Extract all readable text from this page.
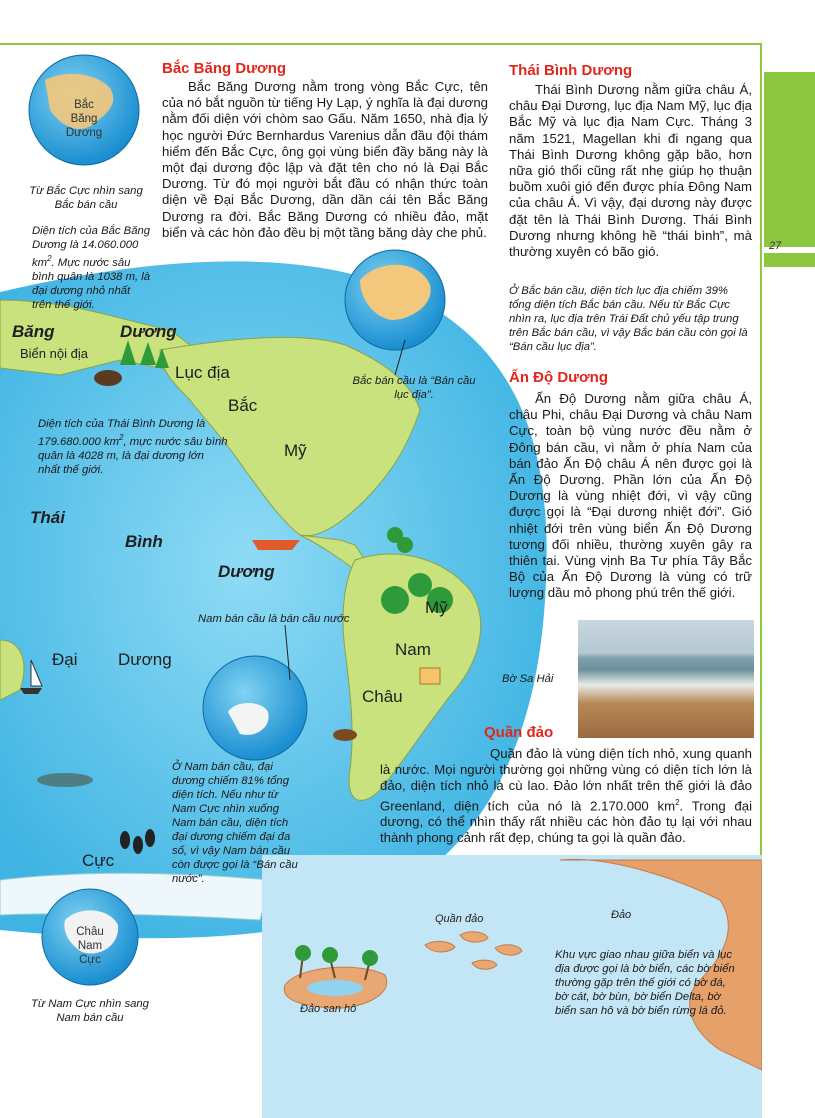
27
Bắc Băng Dương

Bắc Băng Dương nằm trong vòng Bắc Cực, tên của nó bắt nguồn từ tiếng Hy Lạp, ý nghĩa là đại dương nằm đối diện với chòm sao Gấu. Năm 1650, nhà địa lý học người Đức Bernhardus Varenius dẫn đầu đội thám hiểm đến Bắc Cực, ông gọi vùng biển đầy băng này là một đại dương độc lập và đặt tên cho nó là Đại Bắc Dương. Từ đó mọi người bắt đầu có nhận thức toàn diện về Đại Bắc Dương, dần dần cái tên Bắc Băng Dương ra đời. Bắc Băng Dương có nhiều đảo, mặt biển và các hòn đảo đều bị một tầng băng dày che phủ.

Bắc Băng Dương

Từ Bắc Cực nhìn sang Bắc bán cầu

Diện tích của Bắc Băng Dương là 14.060.000 $km^2$. Mực nước sâu bình quân là 1038 m, là đại dương nhỏ nhất trên thế giới.

Thái Bình Dương

Thái Bình Dương nằm giữa châu Á, châu Đại Dương, lục địa Nam Mỹ, lục địa Bắc Mỹ và lục địa Nam Cực. Tháng 3 năm 1521, Magellan khi đi ngang qua Thái Bình Dương không gặp bão, hơn nữa gió thổi cũng rất nhẹ giúp họ thuận buồm xuôi gió đến được phía Đông Nam của châu Á. Vì vậy, đại dương này được đặt tên là Thái Bình Dương. Thái Bình Dương nhưng không hề “thái bình”, mà thường xuyên có bão gió.

Ở Bắc bán cầu, diện tích lục địa chiếm 39% tổng diện tích Bắc bán cầu. Nếu từ Bắc Cực nhìn ra, lục địa trên Trái Đất chủ yếu tập trung trên Bắc bán cầu, vì vậy Bắc bán cầu còn gọi là “Bán cầu lục địa”.

Ấn Độ Dương

Ấn Độ Dương nằm giữa châu Á, châu Phi, châu Đại Dương và châu Nam Cực, toàn bộ vùng nước đều nằm ở Đông bán cầu, vì nằm ở phía Nam của bán đảo Ấn Độ châu Á nên được gọi là Ấn Độ Dương. Phần lớn của Ấn Độ Dương là vùng nhiệt đới, vì vậy cũng được gọi là “Đại dương nhiệt đới”. Gió nhiệt đới trên vùng biển Ấn Độ Dương tương đối nhiều, thường xuyên gây ra thiên tai. Vùng vịnh Ba Tư phía Tây Bắc Bộ của Ấn Độ Dương là vùng có trữ lượng dầu mỏ phong phú trên thế giới.

Bờ Sa Hải

Bắc bán cầu là “Bán cầu lục địa”.

Diện tích của Thái Bình Dương là 179.680.000 $km^2$, mực nước sâu bình quân là 4028 m, là đại dương lớn nhất thế giới.

Băng	Dương

Biển nội địa

Lục địa

Bắc

Mỹ

Thái

Bình

Dương

Mỹ

Nam

Châu

Đại Dương

Cực

Nam bán cầu là bán cầu nước

Ở Nam bán cầu, đại dương chiếm 81% tổng diện tích. Nếu như từ Nam Cực nhìn xuống Nam bán cầu, diện tích đại dương chiếm đại đa số, vì vậy Nam bán cầu còn được gọi là “Bán cầu nước”.

Châu Nam Cực

Từ Nam Cực nhìn sang Nam bán cầu

Quần đảo

Quần đảo là vùng diện tích nhỏ, xung quanh là nước. Mọi người thường gọi những vùng có diện tích lớn là đảo, diện tích nhỏ là cù lao. Đảo lớn nhất trên thế giới là đảo Greenland, diện tích của nó là 2.170.000 $km^2$. Trong đại dương, có thể nhìn thấy rất nhiều các hòn đảo tụ lại với nhau thành phong cảnh rất đẹp, chúng ta gọi là quần đảo.

Quần đảo	Đảo

Đảo san hô

Khu vực giao nhau giữa biển và lục địa được gọi là bờ biển, các bờ biển thường gặp trên thế giới có bờ đá, bờ cát, bờ bùn, bờ biển Delta, bờ biển san hô và bờ biển rừng lá đỏ.
